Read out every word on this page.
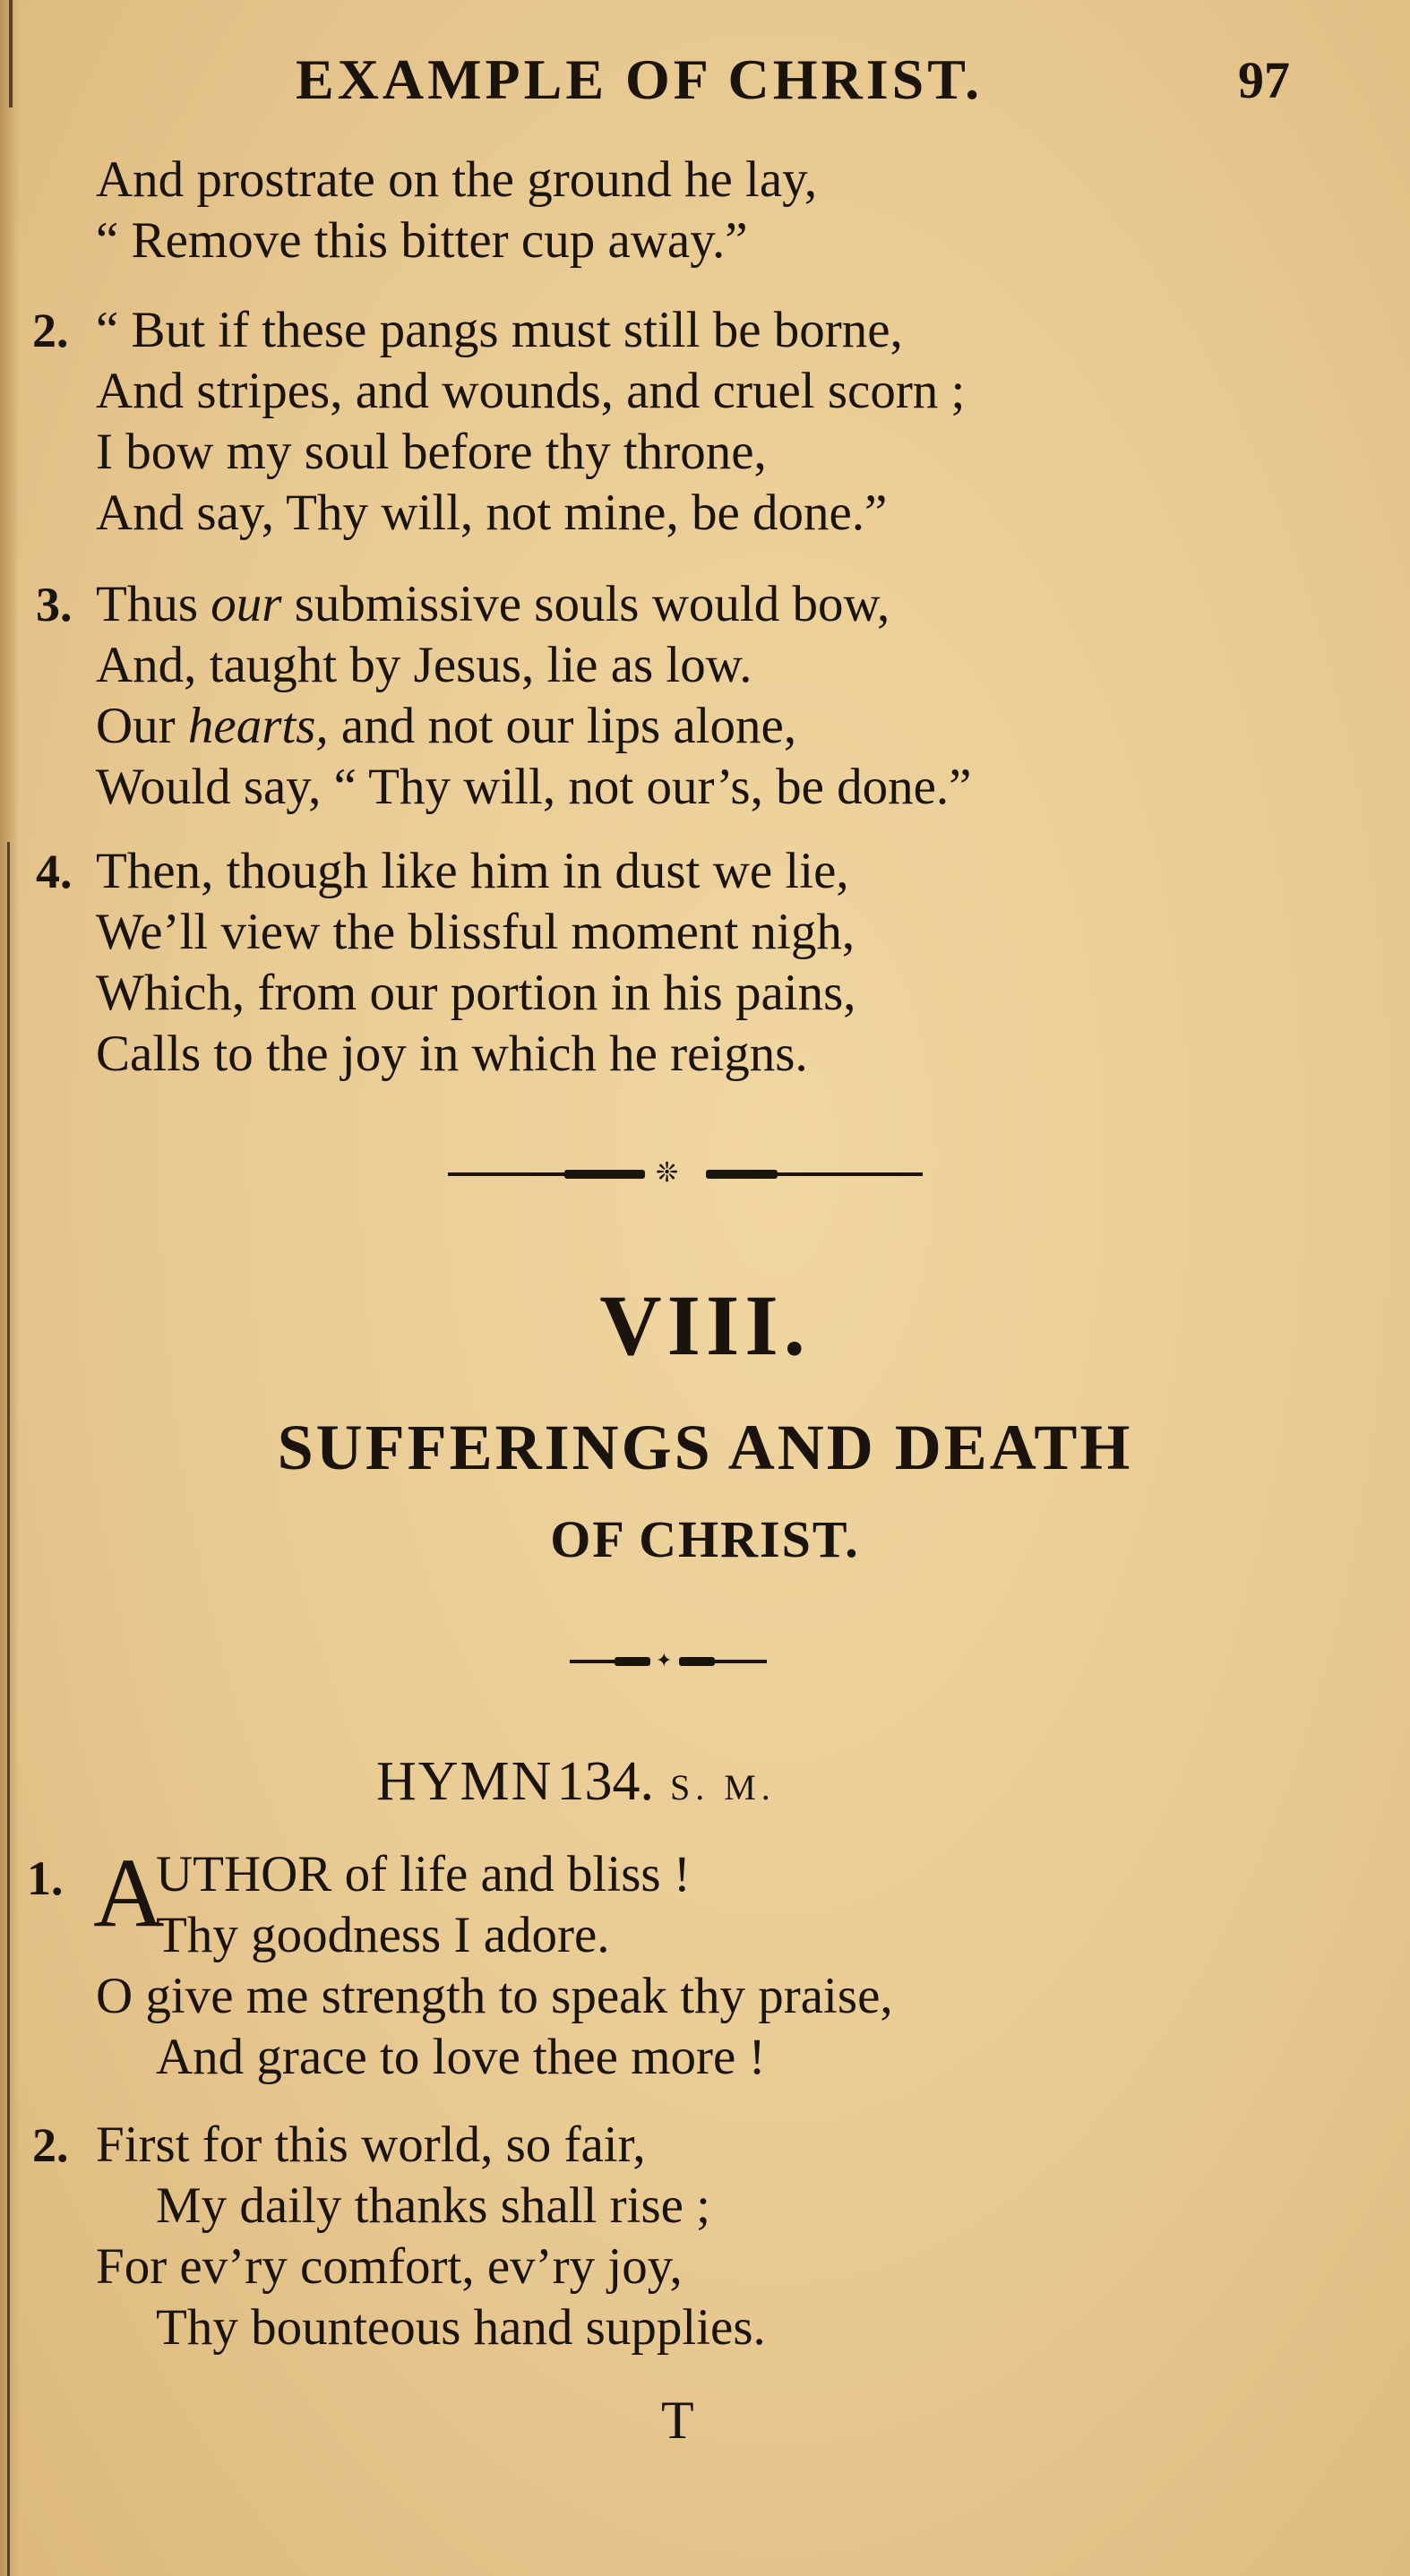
EXAMPLE OF CHRIST.	97
And prostrate on the ground he lay,
“ Remove this bitter cup away.”
2. “ But if these pangs must still be borne,
And stripes, and wounds, and cruel scorn ;
I bow my soul before thy throne,
And say, Thy will, not mine, be done.”
3. Thus our submissive souls would bow,
And, taught by Jesus, lie as low.
Our hearts, and not our lips alone,
Would say, “ Thy will, not our’s, be done.”
4. Then, though like him in dust we lie,
We’ll view the blissful moment nigh,
Which, from our portion in his pains,
Calls to the joy in which he reigns.
❊
VIII.
SUFFERINGS AND DEATH
OF CHRIST.
✦
HYMN 134. S. M.
1. A
UTHOR of life and bliss !
Thy goodness I adore.
O give me strength to speak thy praise,
And grace to love thee more !
2. First for this world, so fair,
My daily thanks shall rise ;
For ev’ry comfort, ev’ry joy,
Thy bounteous hand supplies.
T
